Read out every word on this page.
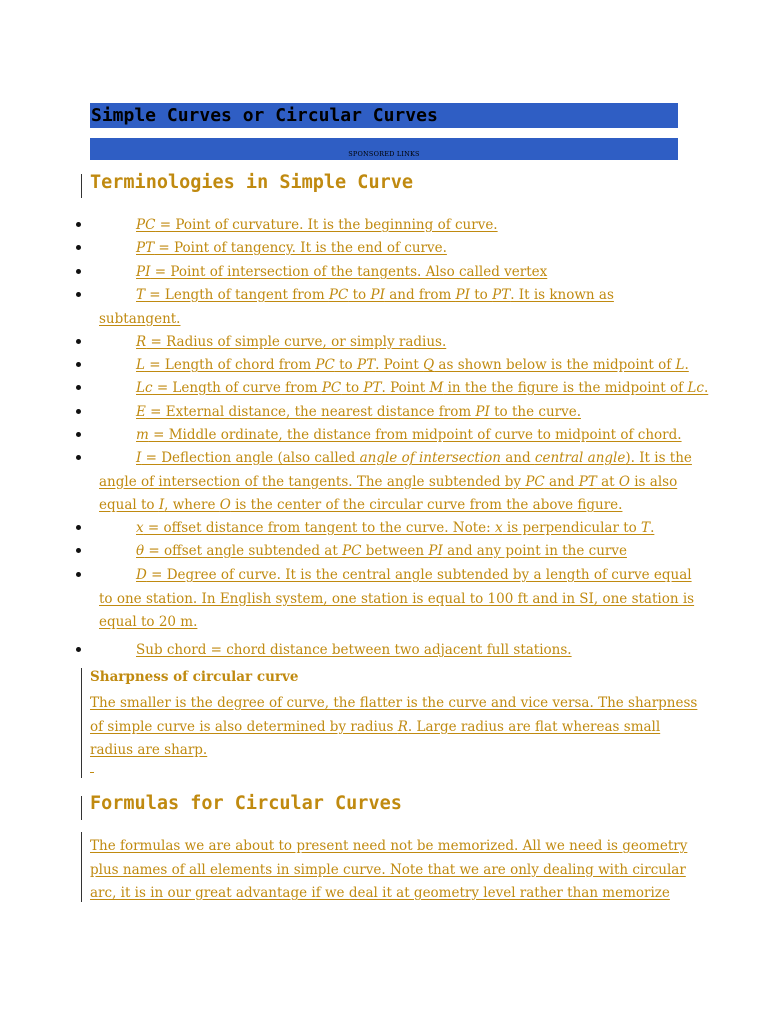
Simple Curves or Circular Curves
SPONSORED LINKS
Terminologies in Simple Curve
PC = Point of curvature. It is the beginning of curve.
PT = Point of tangency. It is the end of curve.
PI = Point of intersection of the tangents. Also called vertex
T = Length of tangent from PC to PI and from PI to PT. It is known as
subtangent.
R = Radius of simple curve, or simply radius.
L = Length of chord from PC to PT. Point Q as shown below is the midpoint of L.
Lc = Length of curve from PC to PT. Point M in the the figure is the midpoint of Lc.
E = External distance, the nearest distance from PI to the curve.
m = Middle ordinate, the distance from midpoint of curve to midpoint of chord.
I = Deflection angle (also called angle of intersection and central angle). It is the
angle of intersection of the tangents. The angle subtended by PC and PT at O is also
equal to I, where O is the center of the circular curve from the above figure.
x = offset distance from tangent to the curve. Note: x is perpendicular to T.
θ = offset angle subtended at PC between PI and any point in the curve
D = Degree of curve. It is the central angle subtended by a length of curve equal
to one station. In English system, one station is equal to 100 ft and in SI, one station is
equal to 20 m.
Sub chord = chord distance between two adjacent full stations.
Sharpness of circular curve
The smaller is the degree of curve, the flatter is the curve and vice versa. The sharpness
of simple curve is also determined by radius R. Large radius are flat whereas small
radius are sharp.
Formulas for Circular Curves
The formulas we are about to present need not be memorized. All we need is geometry
plus names of all elements in simple curve. Note that we are only dealing with circular
arc, it is in our great advantage if we deal it at geometry level rather than memorize
